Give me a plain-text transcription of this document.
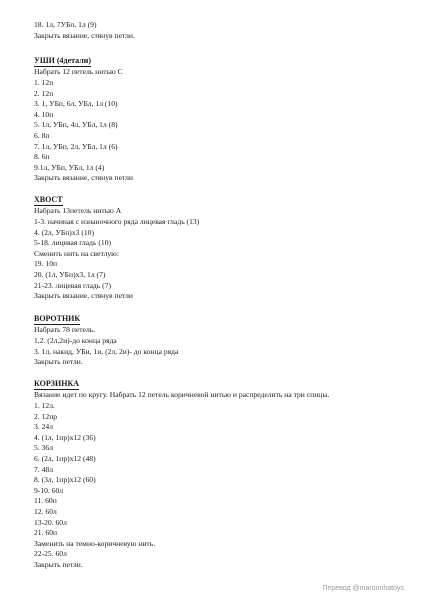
18. 1л, 7УБп, 1л (9)
Закрыть вязание, стянув петли.
УШИ (4детали)
Набрать 12 петель нитью С
1. 12п
2. 12п
3. 1, УБп, 6л, УБл, 1л (10)
4. 10п
5. 1л, УБп, 4л, УБл, 1л (8)
6. 8п
7. 1л, УБп, 2л, УБл, 1л (6)
8. 6п
9.1л, УБп, УБл, 1л (4)
Закрыть вязание, стянув петли
ХВОСТ
Набрать 13петель нитью А
1-3. начиная с изнаночного ряда лицевая гладь (13)
4. (2л, УБп)х3 (10)
5-18. лицевая гладь (10)
Сменить нить на светлую:
19. 10п
20. (1л, УБп)х3, 1л (7)
21-23. лицевая гладь (7)
Закрыть вязание, стянув петли
ВОРОТНИК
Набрать 78 петель.
1,2. (2л,2и)-до конца ряда
3. 1л, накид, УБи, 1и, (2л, 2и)- до конца ряда
Закрыть петли.
КОРЗИНКА
Вязание идет по кругу. Набрать 12 петель коричневой нитью и распределить на три спицы.
1. 12л.
2. 12пр
3. 24л
4. (1л, 1пр)х12 (36)
5. 36л
6. (2л, 1пр)х12 (48)
7. 48л
8. (3л, 1пр)х12 (60)
9-10. 60л
11. 60п
12. 60л
13-20. 60л
21. 60п
Заменить на темно-коричневую нить.
22-25. 60л
Закрыть петли.
Перевод @maroonhatoys
